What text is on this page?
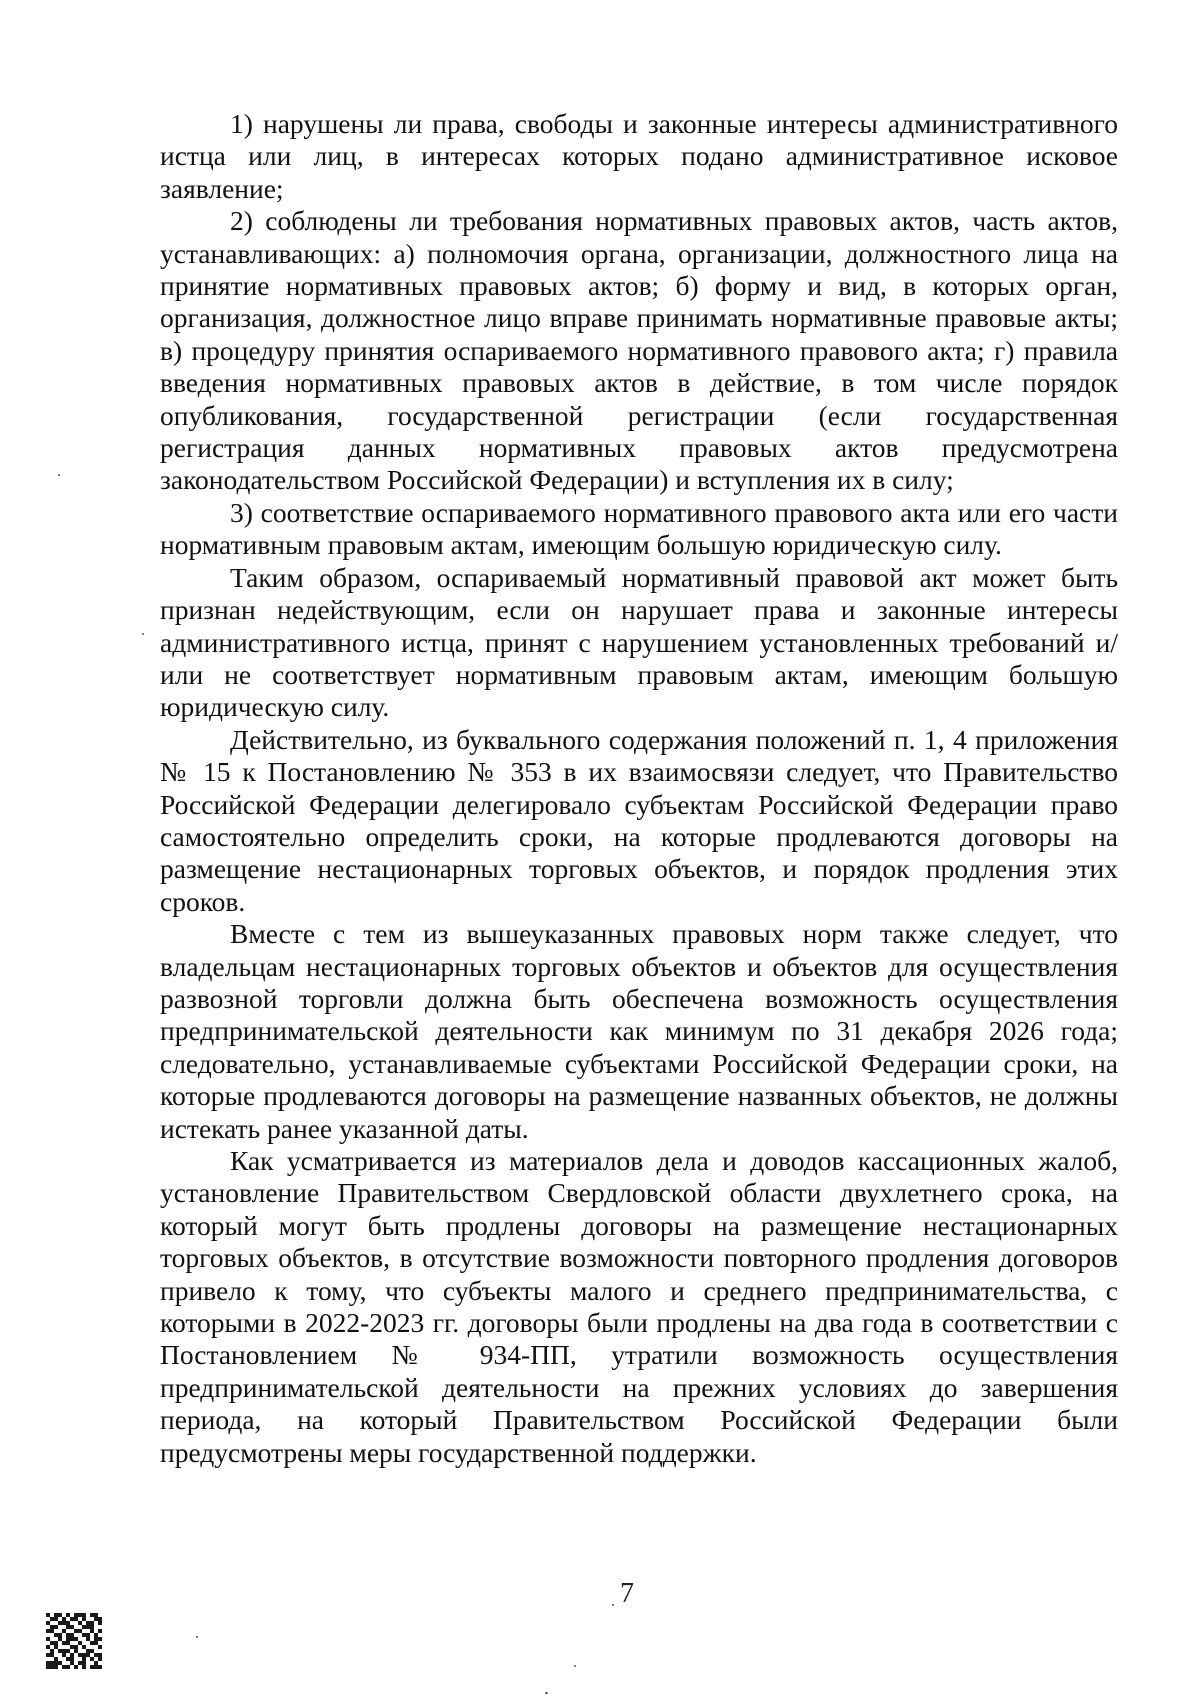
1) нарушены ли права, свободы и законные интересы административного истца или лиц, в интересах которых подано административное исковое заявление;

2) соблюдены ли требования нормативных правовых актов, часть актов, устанавливающих: а) полномочия органа, организации, должностного лица на принятие нормативных правовых актов; б) форму и вид, в которых орган, организация, должностное лицо вправе принимать нормативные правовые акты; в) процедуру принятия оспариваемого нормативного правового акта; г) правила введения нормативных правовых актов в действие, в том числе порядок опубликования, государственной регистрации (если государственная регистрация данных нормативных правовых актов предусмотрена законодательством Российской Федерации) и вступления их в силу;

3) соответствие оспариваемого нормативного правового акта или его части нормативным правовым актам, имеющим большую юридическую силу.

Таким образом, оспариваемый нормативный правовой акт может быть признан недействующим, если он нарушает права и законные интересы административного истца, принят с нарушением установленных требований и/или не соответствует нормативным правовым актам, имеющим большую юридическую силу.

Действительно, из буквального содержания положений п. 1, 4 приложения № 15 к Постановлению № 353 в их взаимосвязи следует, что Правительство Российской Федерации делегировало субъектам Российской Федерации право самостоятельно определить сроки, на которые продлеваются договоры на размещение нестационарных торговых объектов, и порядок продления этих сроков.

Вместе с тем из вышеуказанных правовых норм также следует, что владельцам нестационарных торговых объектов и объектов для осуществления развозной торговли должна быть обеспечена возможность осуществления предпринимательской деятельности как минимум по 31 декабря 2026 года; следовательно, устанавливаемые субъектами Российской Федерации сроки, на которые продлеваются договоры на размещение названных объектов, не должны истекать ранее указанной даты.

Как усматривается из материалов дела и доводов кассационных жалоб, установление Правительством Свердловской области двухлетнего срока, на который могут быть продлены договоры на размещение нестационарных торговых объектов, в отсутствие возможности повторного продления договоров привело к тому, что субъекты малого и среднего предпринимательства, с которыми в 2022-2023 гг. договоры были продлены на два года в соответствии с Постановлением № 934-ПП, утратили возможность осуществления предпринимательской деятельности на прежних условиях до завершения периода, на который Правительством Российской Федерации были предусмотрены меры государственной поддержки.

7
